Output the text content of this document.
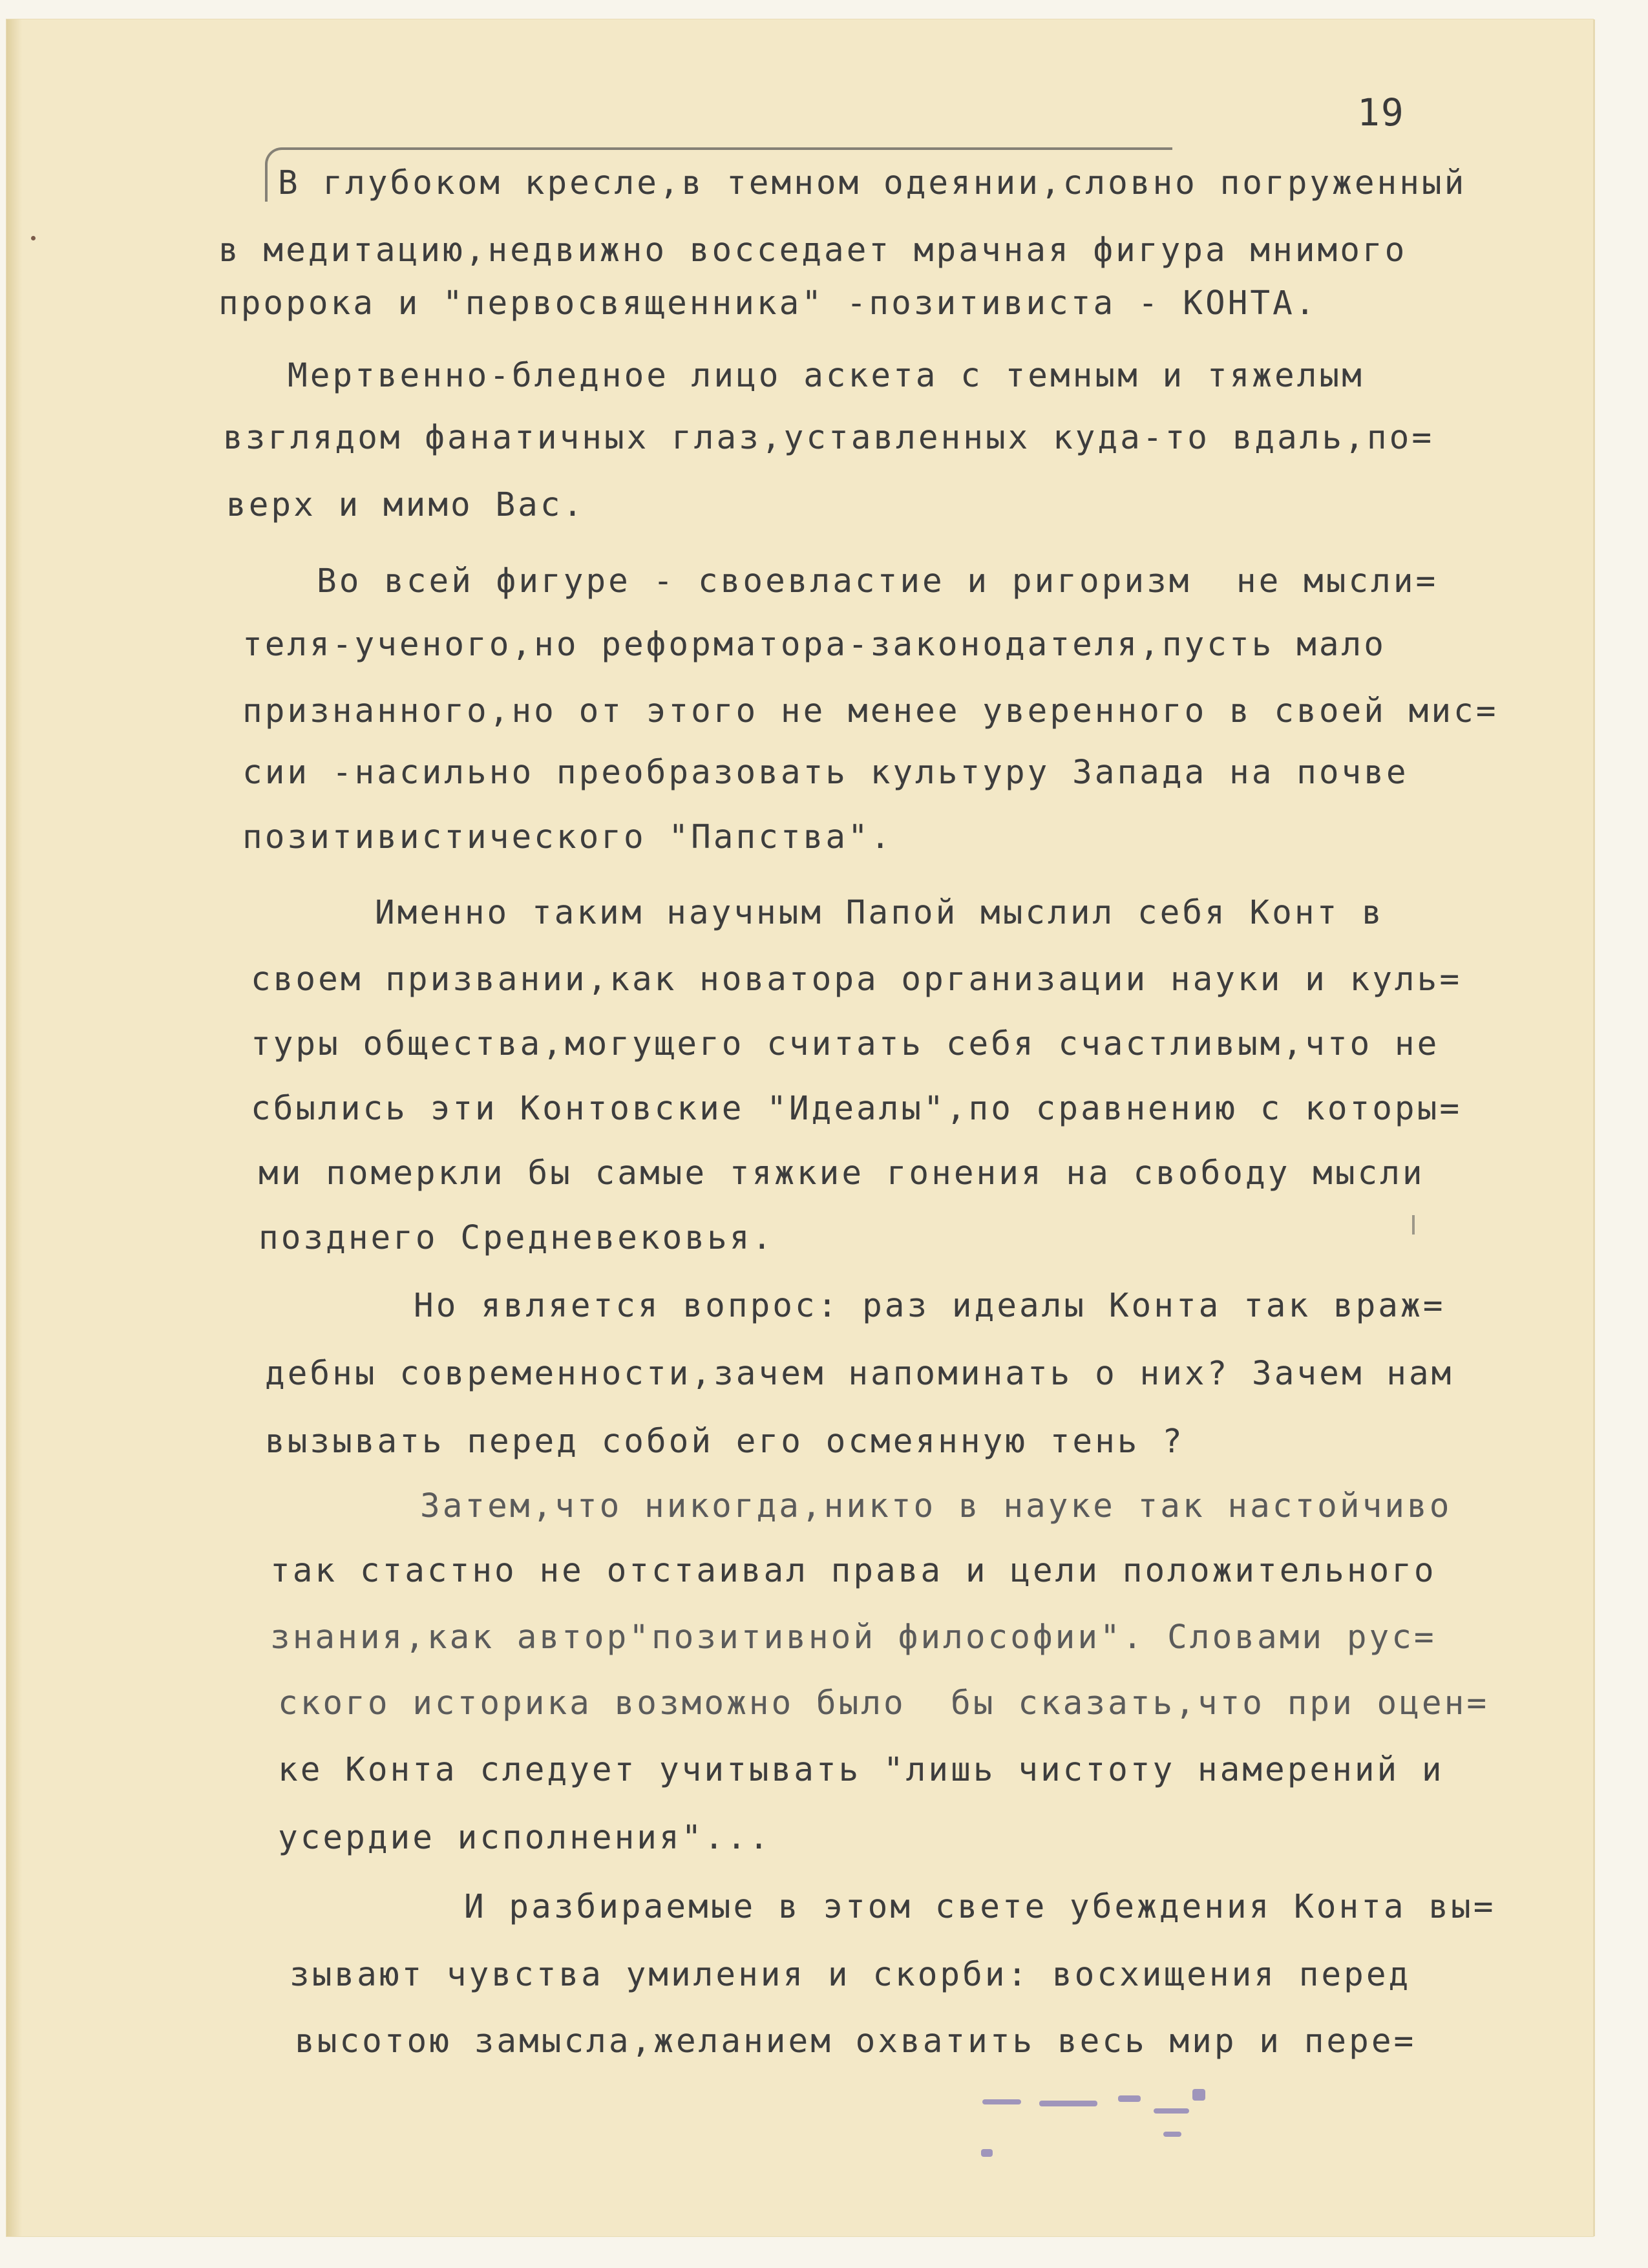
19
В глубоком кресле,в темном одеянии,словно погруженный
в медитацию,недвижно восседает мрачная фигура мнимого
пророка и "первосвященника" -позитивиста - КОНТА.
Мертвенно-бледное лицо аскета с темным и тяжелым
взглядом фанатичных глаз,уставленных куда-то вдаль,по=
верх и мимо Вас.
Во всей фигуре - своевластие и ригоризм  не мысли=
теля-ученого,но реформатора-законодателя,пусть мало
признанного,но от этого не менее уверенного в своей мис=
сии -насильно преобразовать культуру Запада на почве
позитивистического "Папства".
Именно таким научным Папой мыслил себя Конт в
своем призвании,как новатора организации науки и куль=
туры общества,могущего считать себя счастливым,что не
сбылись эти Контовские "Идеалы",по сравнению с которы=
ми померкли бы самые тяжкие гонения на свободу мысли
позднего Средневековья.
Но является вопрос: раз идеалы Конта так враж=
дебны современности,зачем напоминать о них? Зачем нам
вызывать перед собой его осмеянную тень ?
Затем,что никогда,никто в науке так настойчиво
так стастно не отстаивал права и цели положительного
знания,как автор"позитивной философии". Словами рус=
ского историка возможно было  бы сказать,что при оцен=
ке Конта следует учитывать "лишь чистоту намерений и
усердие исполнения"...
И разбираемые в этом свете убеждения Конта вы=
зывают чувства умиления и скорби: восхищения перед
высотою замысла,желанием охватить весь мир и пере=
